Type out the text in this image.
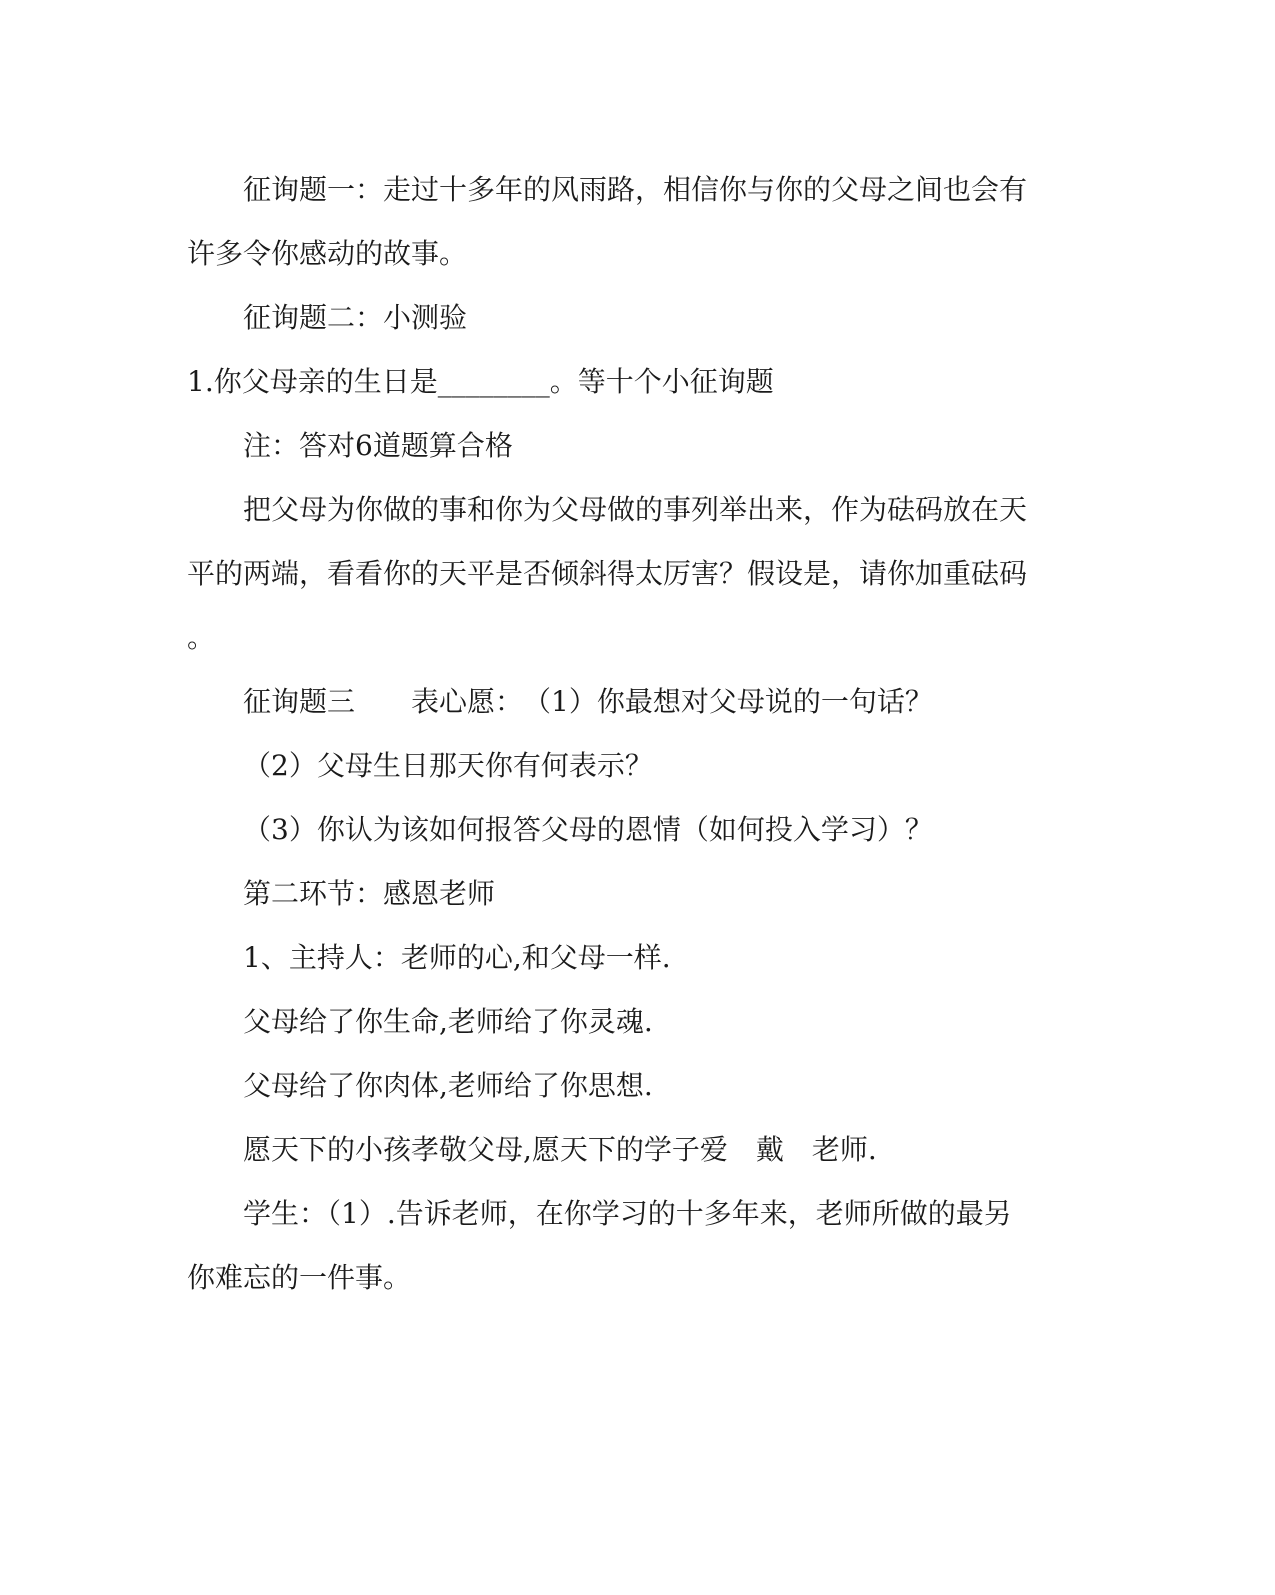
征询题一：走过十多年的风雨路，相信你与你的父母之间也会有
许多令你感动的故事。
征询题二：小测验
1.你父母亲的生日是________。等十个小征询题
注：答对6道题算合格
把父母为你做的事和你为父母做的事列举出来，作为砝码放在天
平的两端，看看你的天平是否倾斜得太厉害？假设是，请你加重砝码
。
征询题三　　表心愿：　（1）你最想对父母说的一句话？
（2）父母生日那天你有何表示？
（3）你认为该如何报答父母的恩情（如何投入学习）？
第二环节：感恩老师
1、主持人：老师的心,和父母一样.
父母给了你生命,老师给了你灵魂.
父母给了你肉体,老师给了你思想.
愿天下的小孩孝敬父母,愿天下的学子爱　戴　老师.
学生：（1）.告诉老师，在你学习的十多年来，老师所做的最另
你难忘的一件事。
